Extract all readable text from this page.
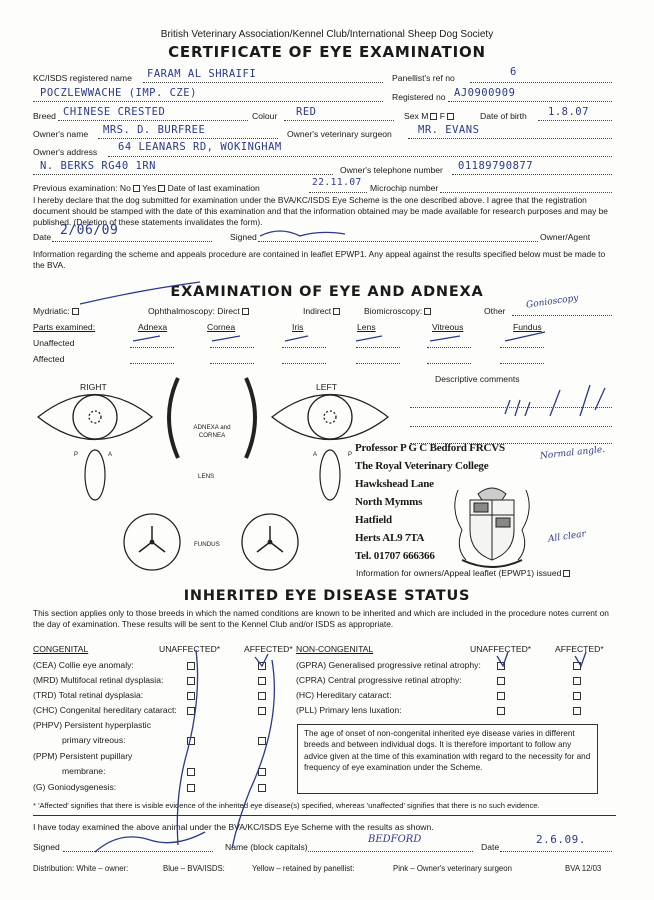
British Veterinary Association/Kennel Club/International Sheep Dog Society
CERTIFICATE OF EYE EXAMINATION
KC/ISDS registered name FARAM AL SHRAIFI	Panellist's ref no	6
POCZLEWWACHE (IMP. CZE)	Registered no AJ0900909
Breed CHINESE CRESTED	Colour RED	Sex M F	Date of birth 1.8.07
Owner's name MRS. D. BURFREE	Owner's veterinary surgeon MR. EVANS
Owner's address 64 LEANARS RD, WOKINGHAM
N. BERKS RG40 1RN	Owner's telephone number 01189790877
Previous examination: No Yes Date of last examination	22.11.07 Microchip number
I hereby declare that the dog submitted for examination under the BVA/KC/ISDS Eye Scheme is the one described above. I agree that the registration document should be stamped with the date of this examination and that the information obtained may be made available for research purposes and may be published. (Deletion of these statements invalidates the form).
Date 2/06/09	Signed	Owner/Agent
Information regarding the scheme and appeals procedure are contained in leaflet EPWP1. Any appeal against the results specified below must be made to the BVA.
EXAMINATION OF EYE AND ADNEXA
Mydriatic:	Ophthalmoscopy: Direct	Indirect	Biomicroscopy:	Other
Gonioscopy
Parts examined:	Adnexa	Cornea	Iris	Lens	Vitreous	Fundus
Unaffected
Affected
RIGHT	LEFT
ADNEXA and CORNEA
LENS
FUNDUS
P	A	A	P
Descriptive comments
Normal angle.
All clear
Professor P G C Bedford FRCVS
The Royal Veterinary College
Hawkshead Lane
North Mymms
Hatfield
Herts AL9 7TA
Tel. 01707 666366
Information for owners/Appeal leaflet (EPWP1) issued
INHERITED EYE DISEASE STATUS
This section applies only to those breeds in which the named conditions are known to be inherited and which are included in the procedure notes current on the day of examination. These results will be sent to the Kennel Club and/or ISDS as appropriate.
CONGENITAL	UNAFFECTED*	AFFECTED* NON-CONGENITAL	UNAFFECTED*	AFFECTED*
(CEA) Collie eye anomaly:
(MRD) Multifocal retinal dysplasia:
(TRD) Total retinal dysplasia:
(CHC) Congenital hereditary cataract:
(PHPV) Persistent hyperplastic
primary vitreous:
(PPM) Persistent pupillary
membrane:
(G) Goniodysgenesis:
(GPRA) Generalised progressive retinal atrophy:
(CPRA) Central progressive retinal atrophy:
(HC) Hereditary cataract:
(PLL) Primary lens luxation:
The age of onset of non-congenital inherited eye disease varies in different breeds and between individual dogs. It is therefore important to follow any advice given at the time of this examination with regard to the necessity for and frequency of eye examination under the Scheme.
* 'Affected' signifies that there is visible evidence of the inherited eye disease(s) specified, whereas 'unaffected' signifies that there is no such evidence.
I have today examined the above animal under the BVA/KC/ISDS Eye Scheme with the results as shown.
Signed	Name (block capitals)
BEDFORD
Date
2.6.09.
Distribution: White – owner:	Blue – BVA/ISDS:	Yellow – retained by panellist:	Pink – Owner's veterinary surgeon	BVA 12/03
